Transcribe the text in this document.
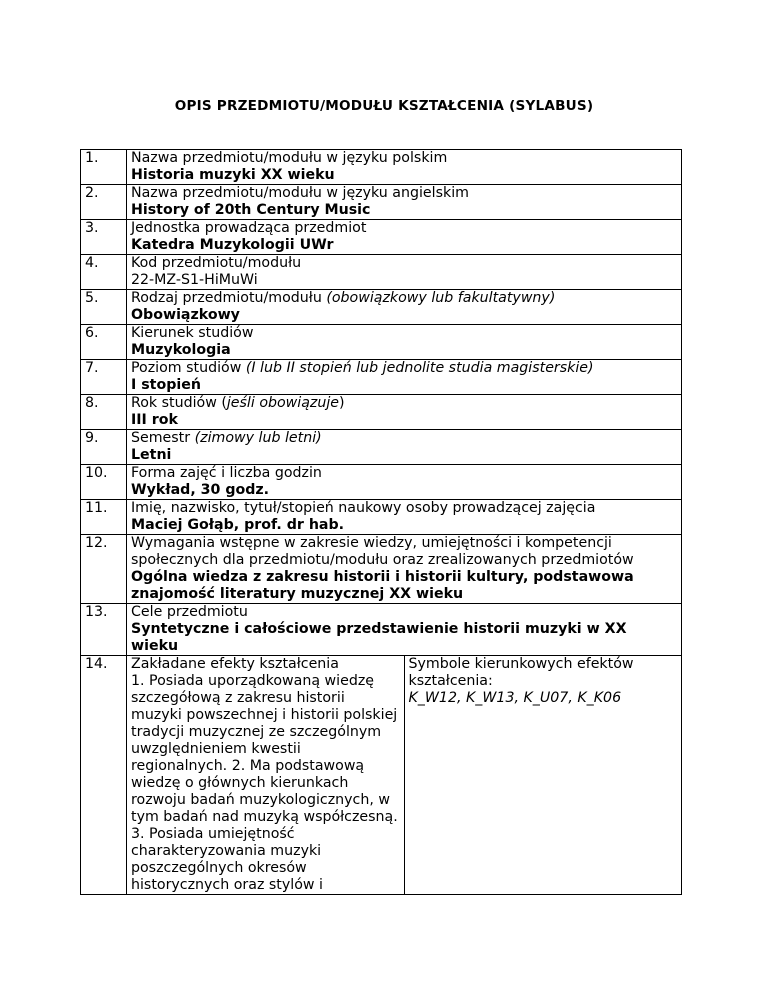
OPIS PRZEDMIOTU/MODUŁU KSZTAŁCENIA (SYLABUS)
1.	Nazwa przedmiotu/modułu w języku polskim
Historia muzyki XX wieku	

2.	Nazwa przedmiotu/modułu w języku angielskim
History of 20th Century Music	

3.	Jednostka prowadząca przedmiot
Katedra Muzykologii UWr	

4.	Kod przedmiotu/modułu
22-MZ-S1-HiMuWi	

5.	Rodzaj przedmiotu/modułu (obowiązkowy lub fakultatywny)
Obowiązkowy	

6.	Kierunek studiów
Muzykologia	

7.	Poziom studiów (I lub II stopień lub jednolite studia magisterskie)
I stopień	

8.	Rok studiów (jeśli obowiązuje)
III rok	

9.	Semestr (zimowy lub letni)
Letni	

10.	Forma zajęć i liczba godzin
Wykład, 30 godz.	

11.	Imię, nazwisko, tytuł/stopień naukowy osoby prowadzącej zajęcia
Maciej Gołąb, prof. dr hab.	

12.	Wymagania wstępne w zakresie wiedzy, umiejętności i kompetencji społecznych dla przedmiotu/modułu oraz zrealizowanych przedmiotów
Ogólna wiedza z zakresu historii i historii kultury, podstawowa znajomość literatury muzycznej XX wieku	

13.	Cele przedmiotu
Syntetyczne i całościowe przedstawienie historii muzyki w XX wieku	

14.	Zakładane efekty kształcenia
1. Posiada uporządkowaną wiedzę szczegółową z zakresu historii muzyki powszechnej i historii polskiej tradycji muzycznej ze szczególnym uwzględnieniem kwestii regionalnych. 2. Ma podstawową wiedzę o głównych kierunkach rozwoju badań muzykologicznych, w tym badań nad muzyką współczesną. 3. Posiada umiejętność charakteryzowania muzyki poszczególnych okresów historycznych oraz stylów i	Symbole kierunkowych efektów kształcenia:
K_W12, K_W13, K_U07, K_K06
